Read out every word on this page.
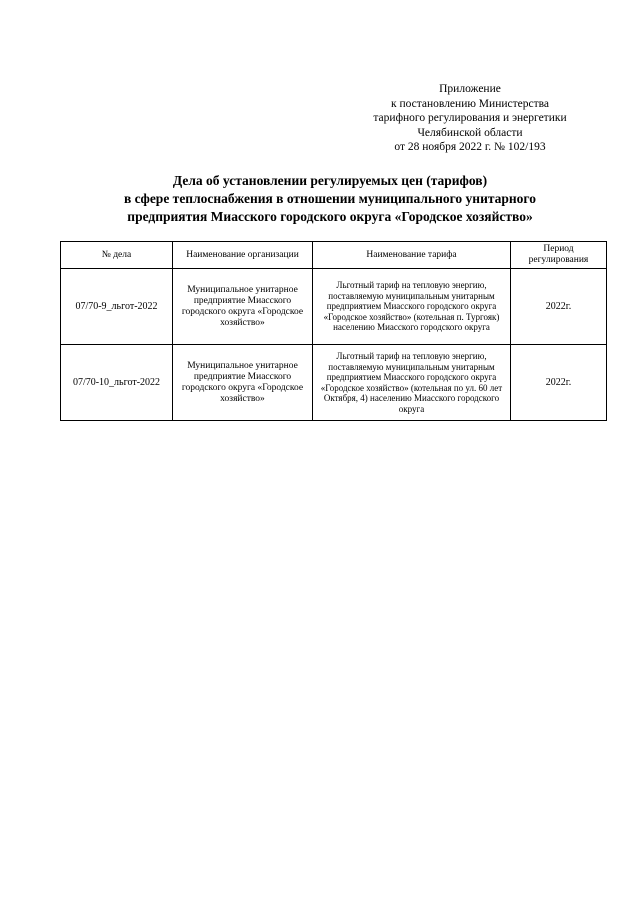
Приложение
к постановлению Министерства
тарифного регулирования и энергетики
Челябинской области
от 28 ноября 2022 г. № 102/193
Дела об установлении регулируемых цен (тарифов)
в сфере теплоснабжения в отношении муниципального унитарного
предприятия Миасского городского округа «Городское хозяйство»
№ дела	Наименование организации	Наименование тарифа	Период регулирования
07/70-9_льгот-2022	Муниципальное унитарное предприятие Миасского городского округа «Городское хозяйство»	Льготный тариф на тепловую энергию, поставляемую муниципальным унитарным предприятием Миасского городского округа «Городское хозяйство» (котельная п. Тургояк) населению Миасского городского округа	2022г.
07/70-10_льгот-2022	Муниципальное унитарное предприятие Миасского городского округа «Городское хозяйство»	Льготный тариф на тепловую энергию, поставляемую муниципальным унитарным предприятием Миасского городского округа «Городское хозяйство» (котельная по ул. 60 лет Октября, 4) населению Миасского городского округа	2022г.
